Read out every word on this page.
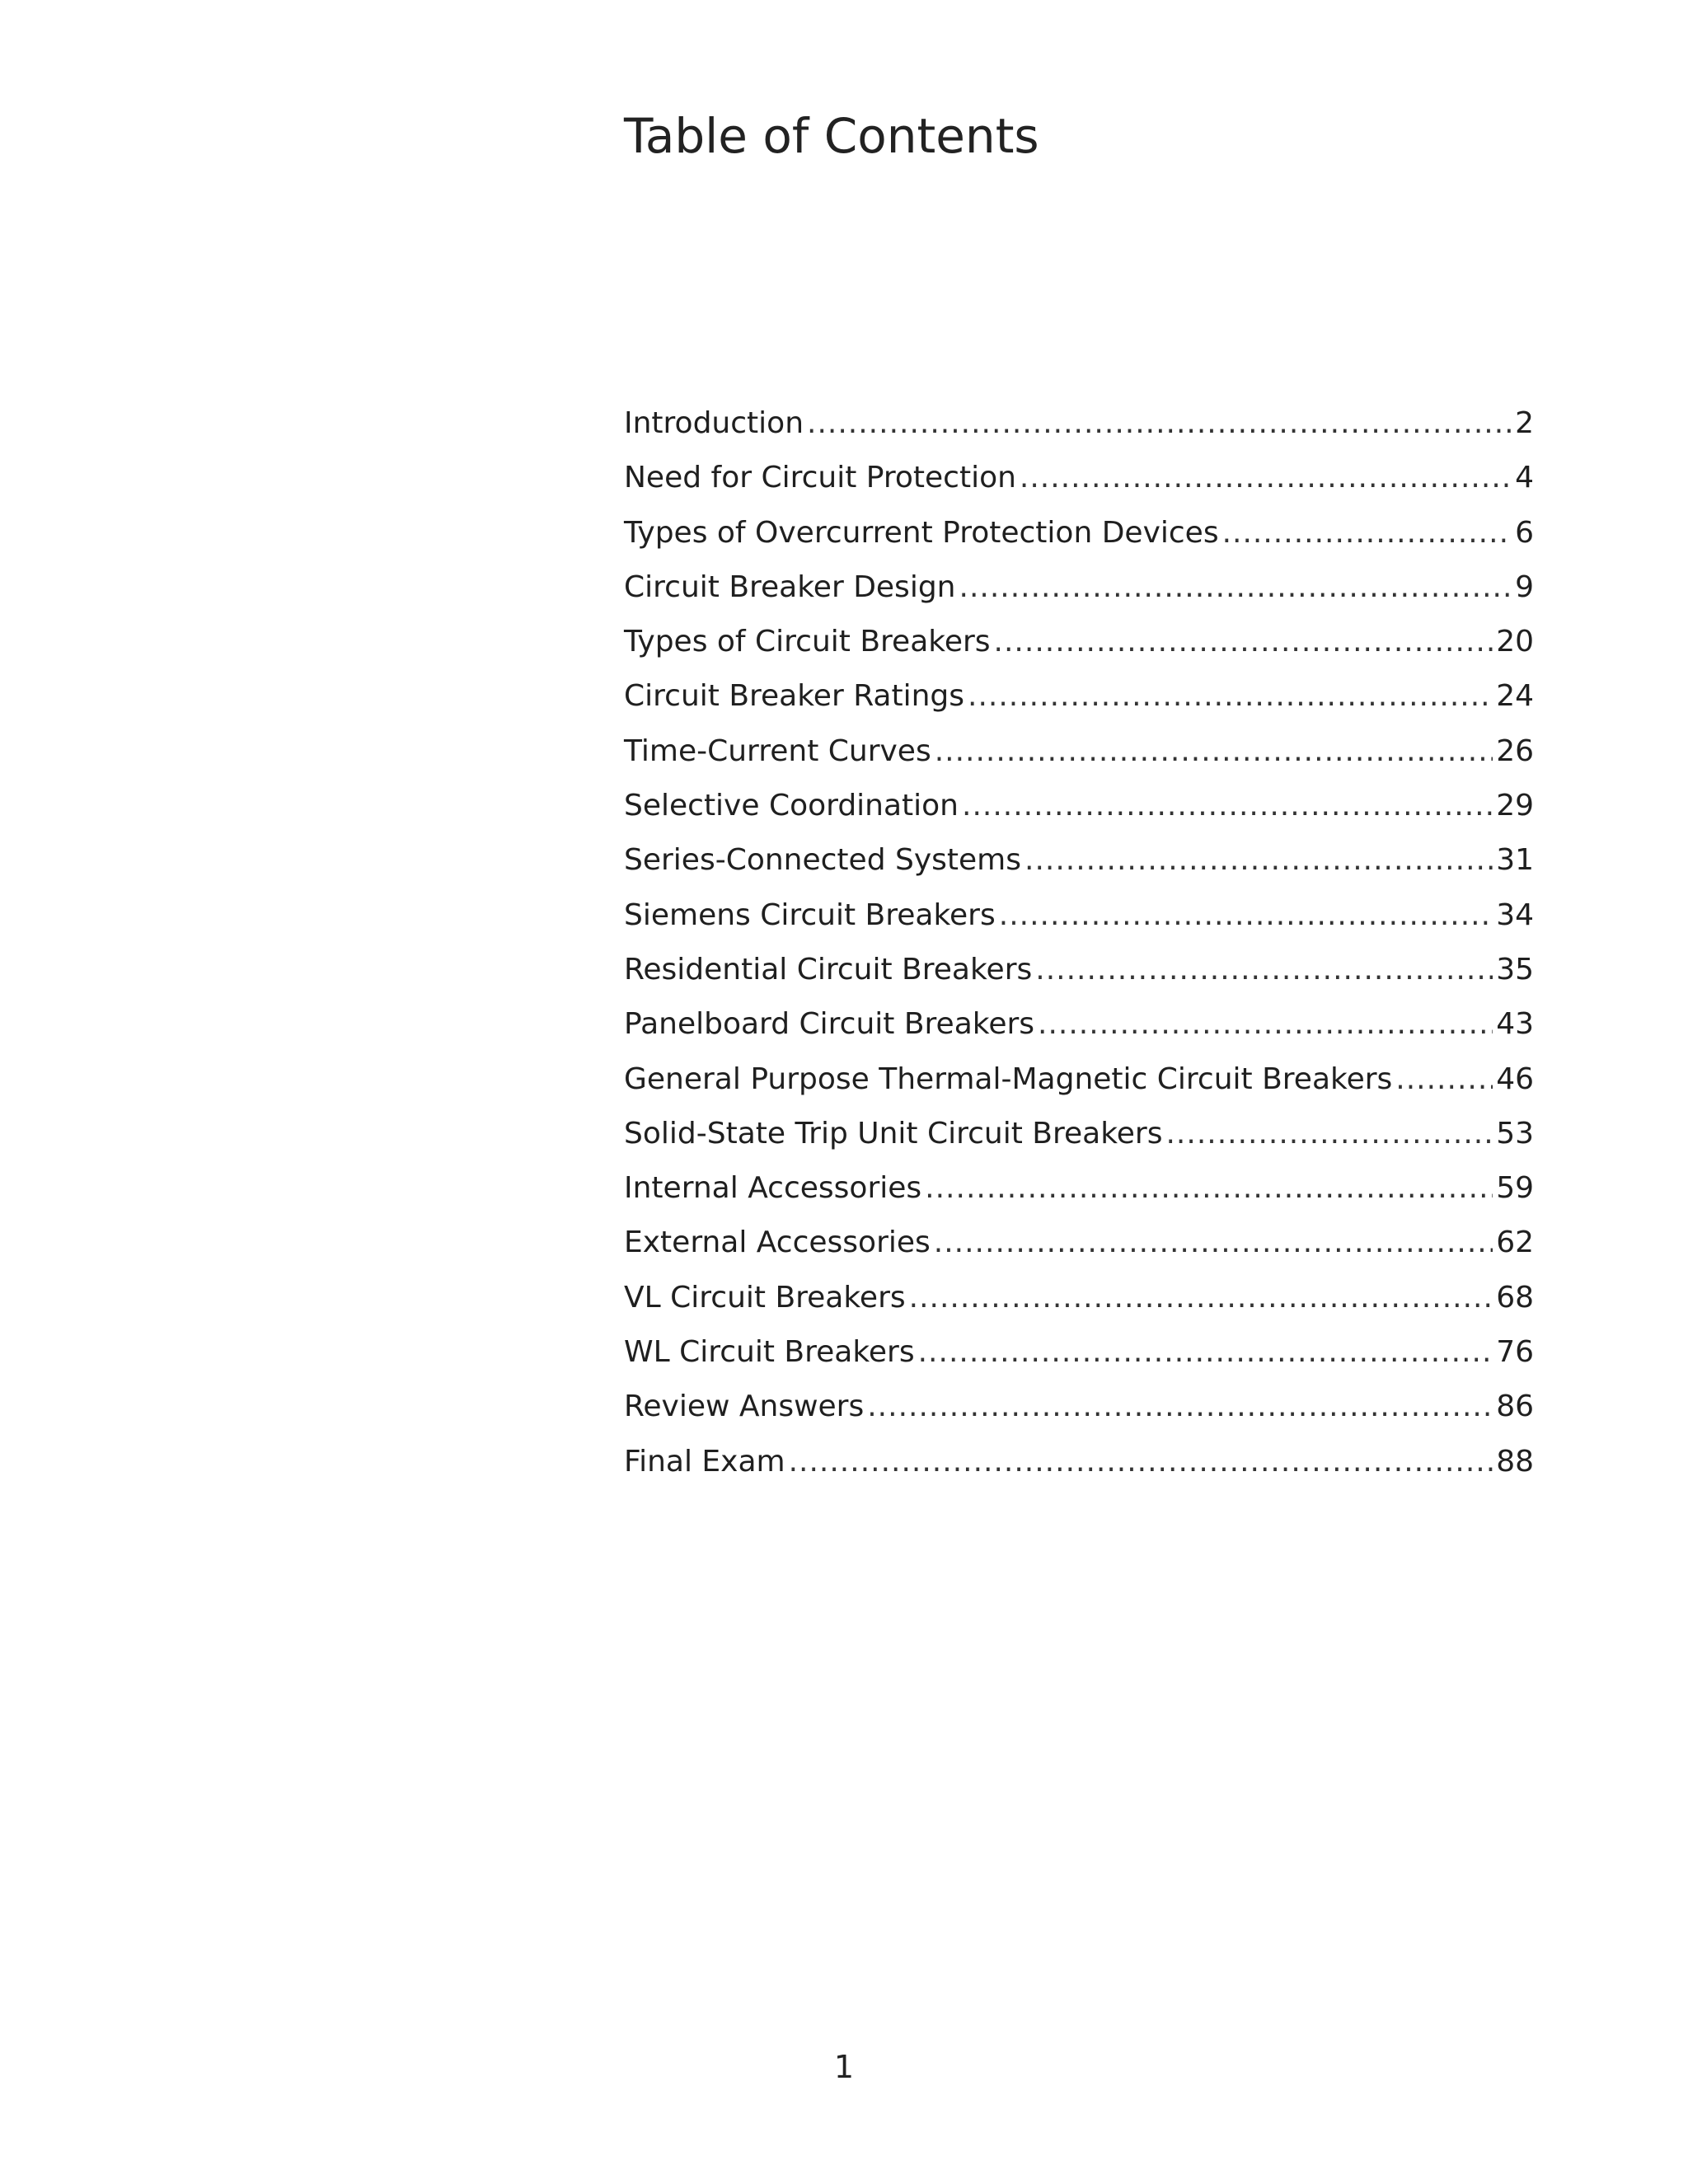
Table of Contents
Introduction .....	2
Need for Circuit Protection .....	4
Types of Overcurrent Protection Devices .....	6
Circuit Breaker Design .....	9
Types of Circuit Breakers .....	20
Circuit Breaker Ratings .....	24
Time-Current Curves .....	26
Selective Coordination .....	29
Series-Connected Systems .....	31
Siemens Circuit Breakers .....	34
Residential Circuit Breakers .....	35
Panelboard Circuit Breakers .....	43
General Purpose Thermal-Magnetic Circuit Breakers .....	46
Solid-State Trip Unit Circuit Breakers .....	53
Internal Accessories .....	59
External Accessories .....	62
VL Circuit Breakers .....	68
WL Circuit Breakers .....	76
Review Answers .....	86
Final Exam .....	88
1
